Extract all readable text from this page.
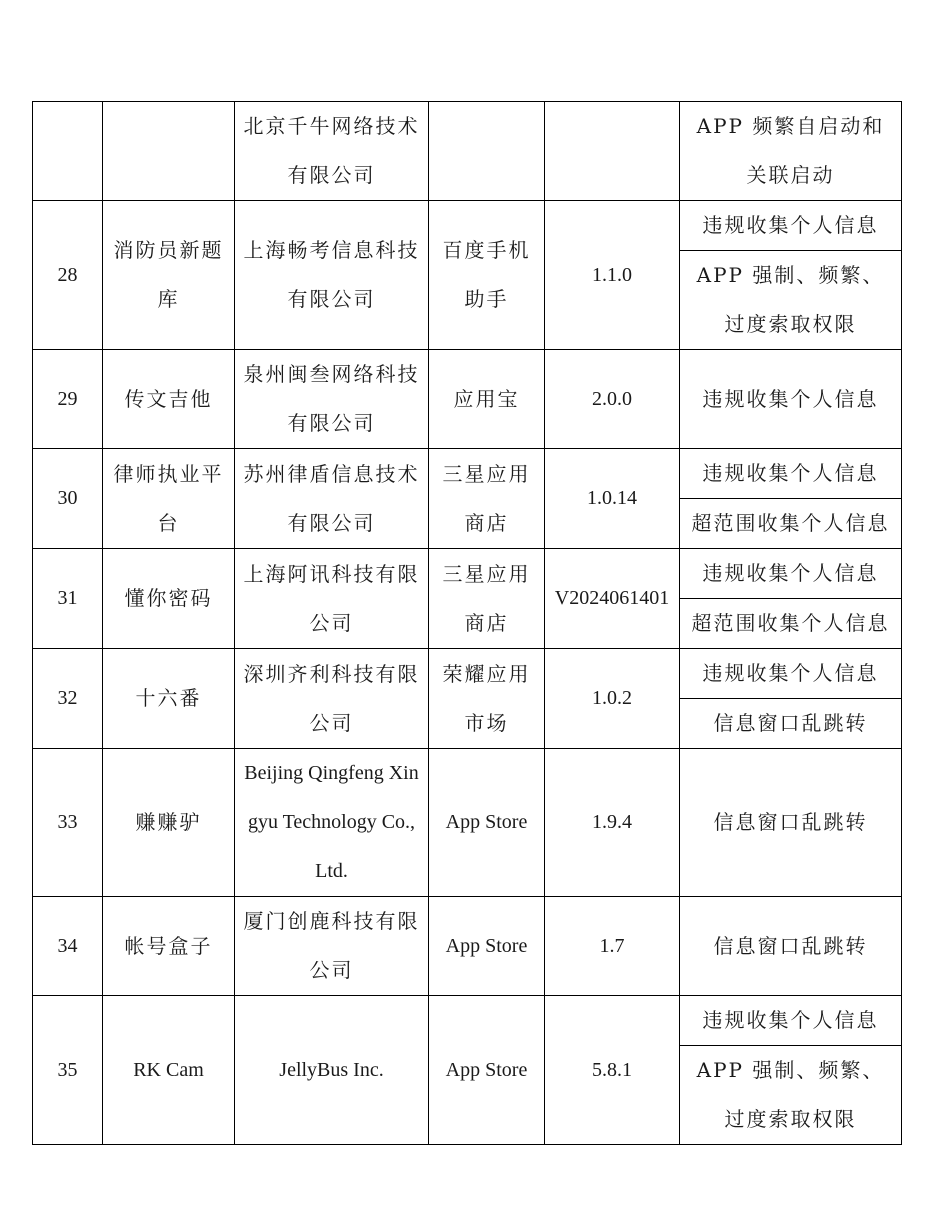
		北京千牛网络技术有限公司			APP 频繁自启动和关联启动

28	消防员新题库	上海畅考信息科技有限公司	百度手机助手	1.1.0	违规收集个人信息
APP 强制、频繁、过度索取权限

29	传文吉他	泉州闽叁网络科技有限公司	应用宝	2.0.0	违规收集个人信息

30	律师执业平台	苏州律盾信息技术有限公司	三星应用商店	1.0.14	违规收集个人信息
超范围收集个人信息

31	懂你密码	上海阿讯科技有限公司	三星应用商店	V2024061401	违规收集个人信息
超范围收集个人信息

32	十六番	深圳齐利科技有限公司	荣耀应用市场	1.0.2	违规收集个人信息
信息窗口乱跳转

33	赚赚驴	Beijing Qingfeng Xingyu Technology Co., Ltd.	App Store	1.9.4	信息窗口乱跳转

34	帐号盒子	厦门创鹿科技有限公司	App Store	1.7	信息窗口乱跳转

35	RK Cam	JellyBus Inc.	App Store	5.8.1	违规收集个人信息
APP 强制、频繁、过度索取权限
